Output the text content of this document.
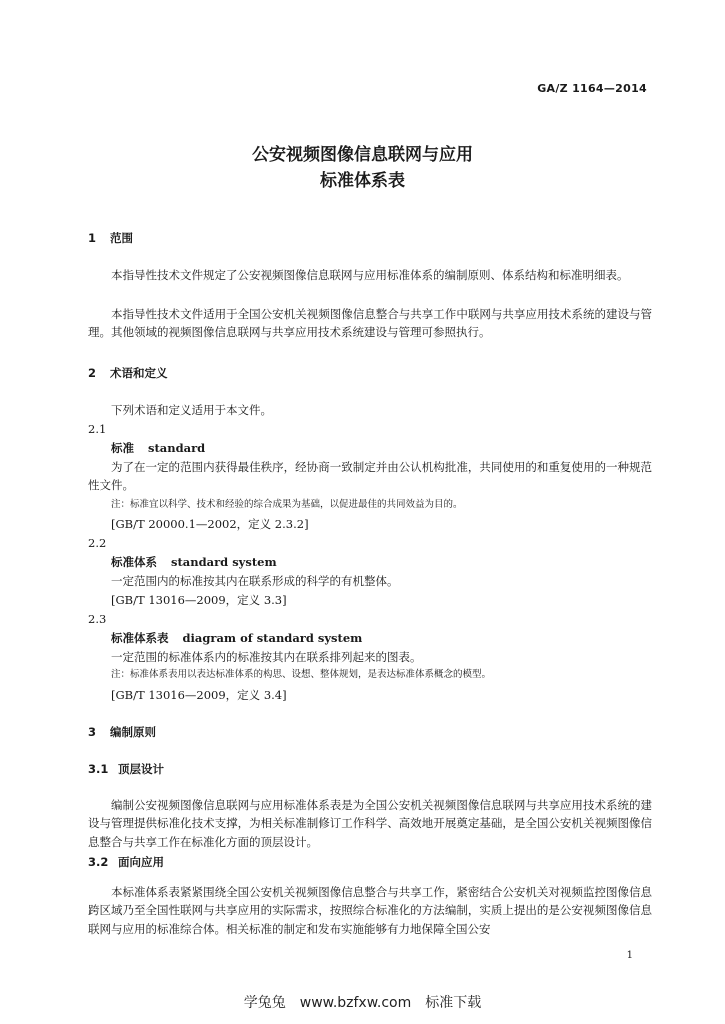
GA/Z 1164—2014
公安视频图像信息联网与应用
标准体系表
1 范围
本指导性技术文件规定了公安视频图像信息联网与应用标准体系的编制原则、体系结构和标准明细表。
本指导性技术文件适用于全国公安机关视频图像信息整合与共享工作中联网与共享应用技术系统的建设与管理。其他领域的视频图像信息联网与共享应用技术系统建设与管理可参照执行。
2 术语和定义
下列术语和定义适用于本文件。
2.1
标准 standard
为了在一定的范围内获得最佳秩序，经协商一致制定并由公认机构批准，共同使用的和重复使用的一种规范性文件。
注：标准宜以科学、技术和经验的综合成果为基础，以促进最佳的共同效益为目的。
[GB/T 20000.1—2002，定义 2.3.2]
2.2
标准体系 standard system
一定范围内的标准按其内在联系形成的科学的有机整体。
[GB/T 13016—2009，定义 3.3]
2.3
标准体系表 diagram of standard system
一定范围的标准体系内的标准按其内在联系排列起来的图表。
注：标准体系表用以表达标准体系的构思、设想、整体规划，是表达标准体系概念的模型。
[GB/T 13016—2009，定义 3.4]
3 编制原则
3.1 顶层设计
编制公安视频图像信息联网与应用标准体系表是为全国公安机关视频图像信息联网与共享应用技术系统的建设与管理提供标准化技术支撑，为相关标准制修订工作科学、高效地开展奠定基础，是全国公安机关视频图像信息整合与共享工作在标准化方面的顶层设计。
3.2 面向应用
本标准体系表紧紧围绕全国公安机关视频图像信息整合与共享工作，紧密结合公安机关对视频监控图像信息跨区域乃至全国性联网与共享应用的实际需求，按照综合标准化的方法编制，实质上提出的是公安视频图像信息联网与应用的标准综合体。相关标准的制定和发布实施能够有力地保障全国公安
1
学兔兔　www.bzfxw.com　标准下载
